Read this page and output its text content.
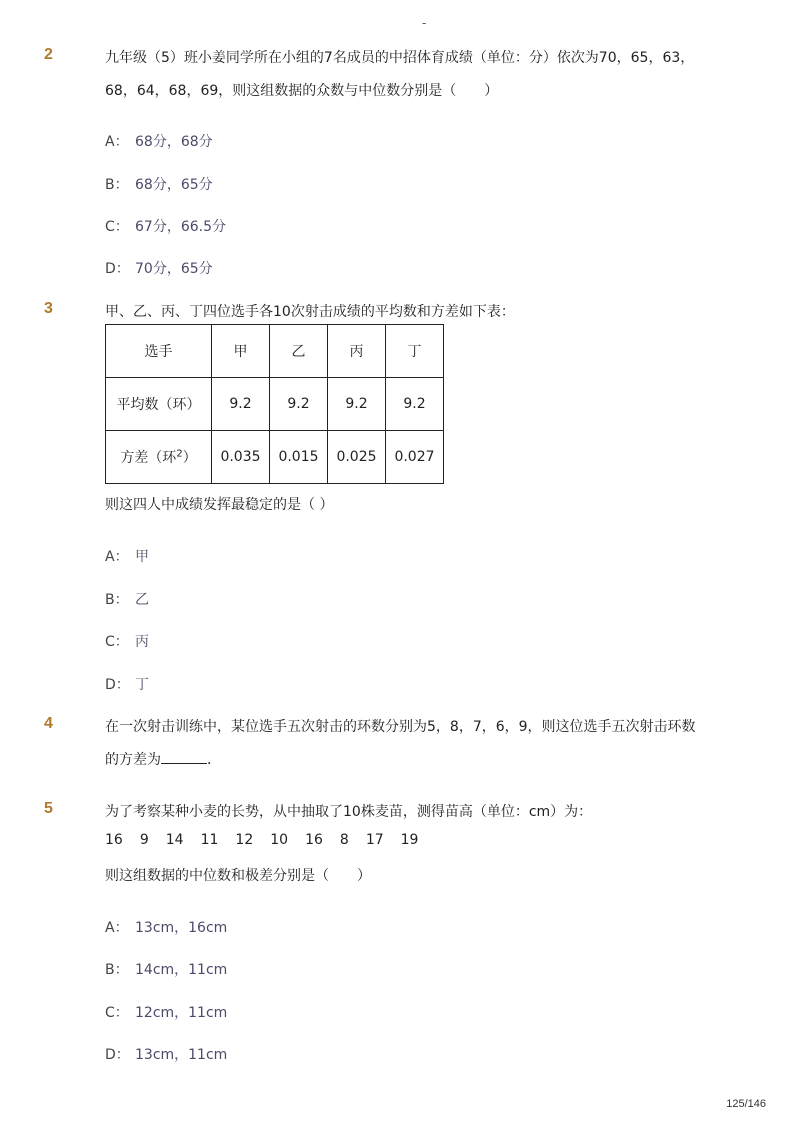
-
2	九年级（5）班小姜同学所在小组的7名成员的中招体育成绩（单位：分）依次为70，65，63，
68，64，68，69，则这组数据的众数与中位数分别是（　　）
A： 68分，68分
B： 68分，65分
C： 67分，66.5分
D： 70分，65分
3	甲、乙、丙、丁四位选手各10次射击成绩的平均数和方差如下表：
选手	甲	乙	丙	丁
平均数（环）	9.2	9.2	9.2	9.2
方差（环$^2$）	0.035	0.015	0.025	0.027
则这四人中成绩发挥最稳定的是（ ）
A： 甲
B： 乙
C： 丙
D： 丁
4	在一次射击训练中，某位选手五次射击的环数分别为5，8，7，6，9，则这位选手五次射击环数
的方差为	．
5	为了考察某种小麦的长势，从中抽取了10株麦苗，测得苗高（单位：cm）为：
16 9 14 11 12 10 16 8 17 19
则这组数据的中位数和极差分别是（　　）
A： 13cm，16cm
B： 14cm，11cm
C： 12cm，11cm
D： 13cm，11cm
125/146
